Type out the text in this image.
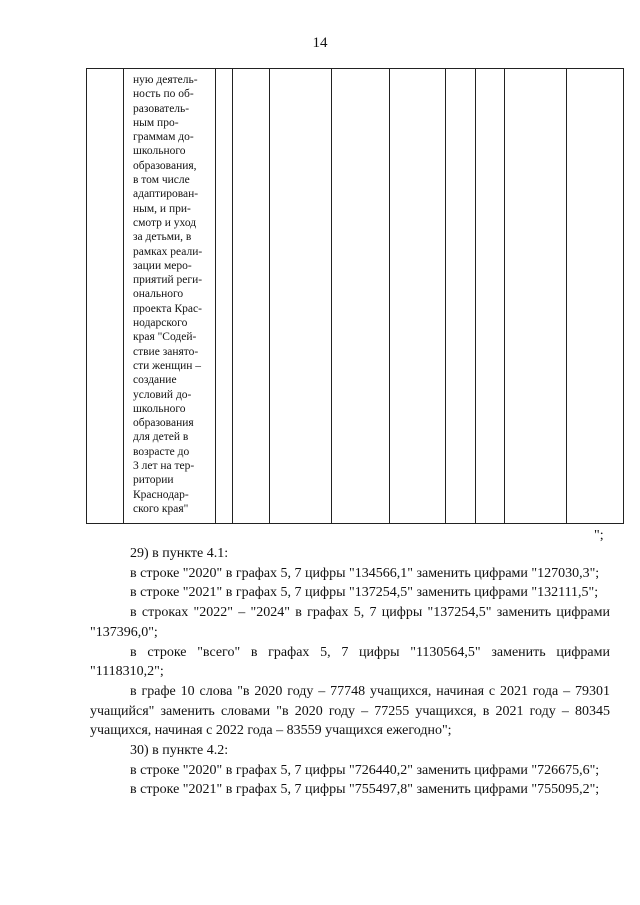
14
ную деятель-
ность по об-
разователь-
ным про-
граммам до-
школьного
образования,
в том числе
адаптирован-
ным, и при-
смотр и уход
за детьми, в
рамках реали-
зации меро-
приятий реги-
онального
проекта Крас-
нодарского
края "Содей-
ствие занято-
сти женщин –
создание
условий до-
школьного
образования
для детей в
возрасте до
3 лет на тер-
ритории
Краснодар-
ского края"
";

29) в пункте 4.1:

в строке "2020" в графах 5, 7 цифры "134566,1" заменить цифрами "127030,3";

в строке "2021" в графах 5, 7 цифры "137254,5" заменить цифрами "132111,5";

в строках "2022" – "2024" в графах 5, 7 цифры "137254,5" заменить цифрами "137396,0";

в строке "всего" в графах 5, 7 цифры "1130564,5" заменить цифрами "1118310,2";

в графе 10 слова "в 2020 году – 77748 учащихся, начиная с 2021 года – 79301 учащийся" заменить словами "в 2020 году – 77255 учащихся, в 2021 году – 80345 учащихся, начиная с 2022 года – 83559 учащихся ежегодно";

30) в пункте 4.2:

в строке "2020" в графах 5, 7 цифры "726440,2" заменить цифрами "726675,6";

в строке "2021" в графах 5, 7 цифры "755497,8" заменить цифрами "755095,2";
